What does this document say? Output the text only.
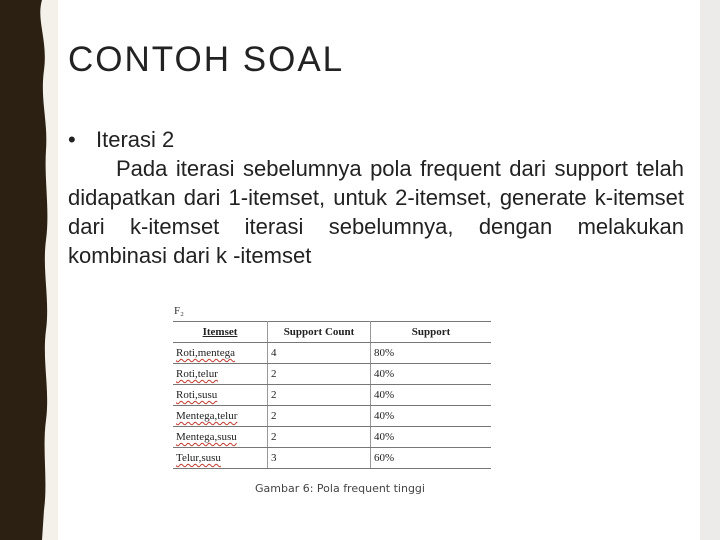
CONTOH SOAL
• Iterasi 2
Pada iterasi sebelumnya pola frequent dari support telah didapatkan dari 1-itemset, untuk 2-itemset, generate k-itemset dari k-itemset iterasi sebelumnya, dengan melakukan kombinasi dari k -itemset
F₂
Itemset	Support Count	Support
Roti,mentega	4	80%
Roti,telur	2	40%
Roti,susu	2	40%
Mentega,telur	2	40%
Mentega,susu	2	40%
Telur,susu	3	60%
Gambar 6: Pola frequent tinggi
